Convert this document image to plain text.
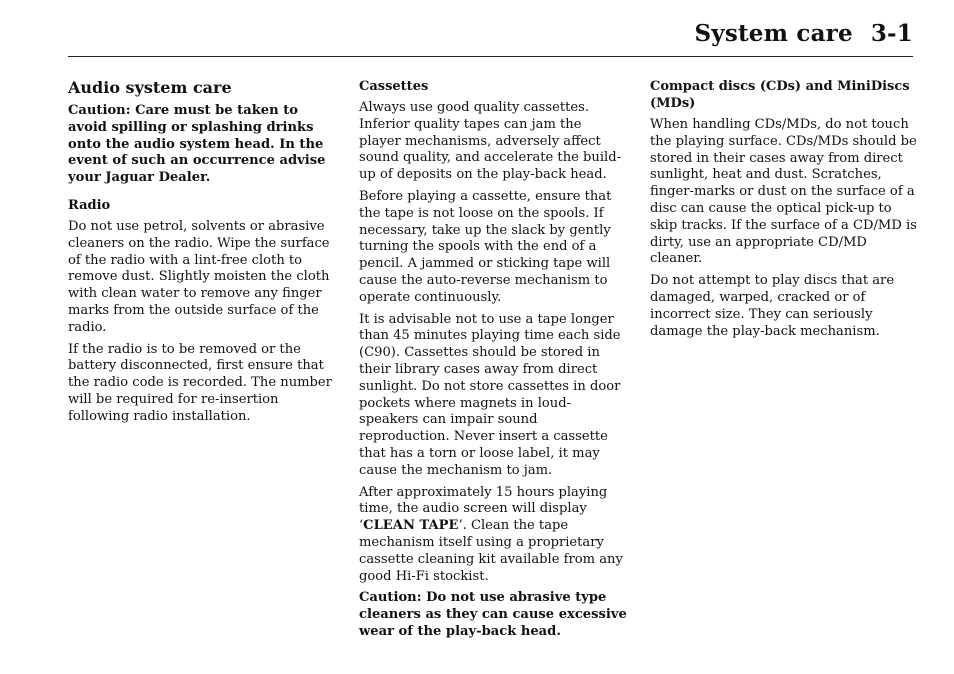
System care 3-1
Audio system care

Caution: Care must be taken to avoid spilling or splashing drinks onto the audio system head. In the event of such an occurrence advise your Jaguar Dealer.

Radio

Do not use petrol, solvents or abrasive cleaners on the radio. Wipe the surface of the radio with a lint-free cloth to remove dust. Slightly moisten the cloth with clean water to remove any finger marks from the outside surface of the radio.

If the radio is to be removed or the battery disconnected, first ensure that the radio code is recorded. The number will be required for re-insertion following radio installation.

Cassettes

Always use good quality cassettes. Inferior quality tapes can jam the player mechanisms, adversely affect sound quality, and accelerate the build-up of deposits on the play-back head.

Before playing a cassette, ensure that the tape is not loose on the spools. If necessary, take up the slack by gently turning the spools with the end of a pencil. A jammed or sticking tape will cause the auto-reverse mechanism to operate continuously.

It is advisable not to use a tape longer than 45 minutes playing time each side (C90). Cassettes should be stored in their library cases away from direct sunlight. Do not store cassettes in door pockets where magnets in loud-speakers can impair sound reproduction. Never insert a cassette that has a torn or loose label, it may cause the mechanism to jam.

After approximately 15 hours playing time, the audio screen will display ‘CLEAN TAPE’. Clean the tape mechanism itself using a proprietary cassette cleaning kit available from any good Hi-Fi stockist.

Caution: Do not use abrasive type cleaners as they can cause excessive wear of the play-back head.

Compact discs (CDs) and MiniDiscs (MDs)

When handling CDs/MDs, do not touch the playing surface. CDs/MDs should be stored in their cases away from direct sunlight, heat and dust. Scratches, finger-marks or dust on the surface of a disc can cause the optical pick-up to skip tracks. If the surface of a CD/MD is dirty, use an appropriate CD/MD cleaner.

Do not attempt to play discs that are damaged, warped, cracked or of incorrect size. They can seriously damage the play-back mechanism.
